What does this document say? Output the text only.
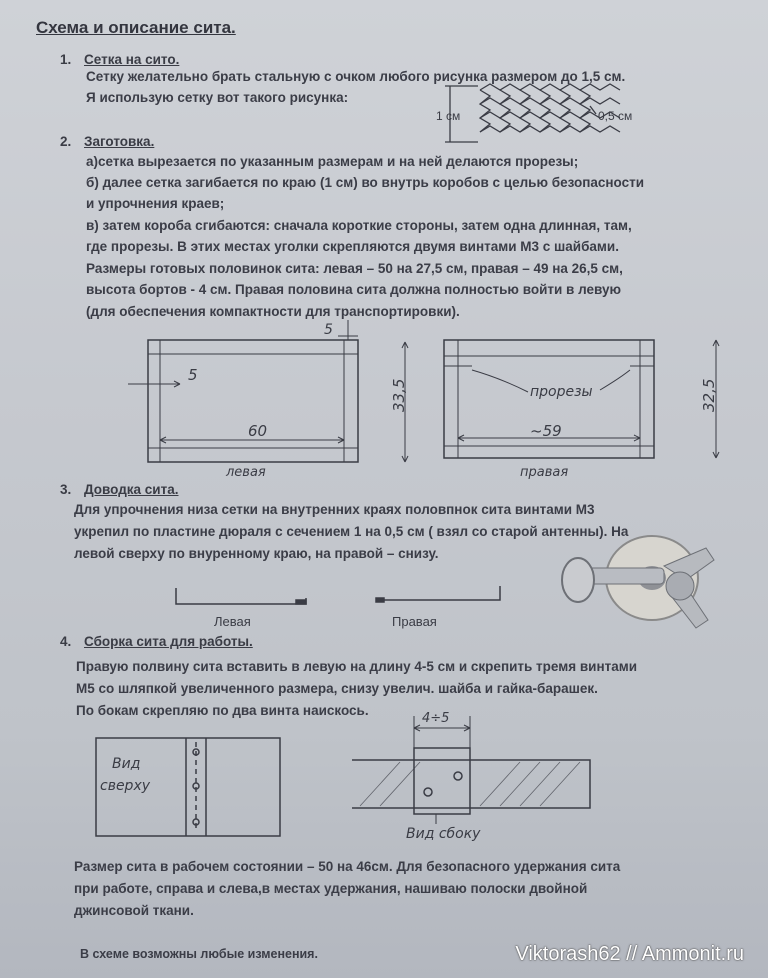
Схема и описание сита.
1. Сетка на сито.
Сетку желательно брать стальную с очком любого рисунка размером до 1,5 см.
Я использую сетку вот такого рисунка:
2. Заготовка.
а)сетка вырезается по указанным размерам и на ней делаются прорезы;
б) далее сетка загибается по краю (1 см) во внутрь коробов с целью безопасности
и упрочнения краев;
в) затем короба сгибаются: сначала короткие стороны, затем одна длинная, там,
где прорезы. В этих местах уголки скрепляются двумя винтами М3 с шайбами.
Размеры готовых половинок сита: левая – 50 на 27,5 см, правая – 49 на 26,5 см,
высота бортов - 4 см. Правая половина сита должна полностью войти в левую
(для обеспечения компактности для транспортировки).
3. Доводка сита.
Для упрочнения низа сетки на внутренних краях половпнок сита винтами М3
укрепил по пластине дюраля с сечением 1 на 0,5 см ( взял со старой антенны). На
левой сверху по внуренному краю, на правой – снизу.
4. Сборка сита для работы.
Правую полвину сита вставить в левую на длину 4-5 см и скрепить тремя винтами
М5 со шляпкой увеличенного размера, снизу увелич. шайба и гайка-барашек.
По бокам скрепляю по два винта наискось.
Размер сита в рабочем состоянии – 50 на 46см. Для безопасного удержания сита
при работе, справа и слева,в местах удержания, нашиваю полоски двойной
джинсовой ткани.
В схеме возможны любые изменения.
1 см	0,5 см
5
5
33,5
60
левая
прорезы	32,5
~59
правая
Левая	Правая
Вид
сверху
4÷5
Вид сбоку
Viktorash62 // Ammonit.ru
